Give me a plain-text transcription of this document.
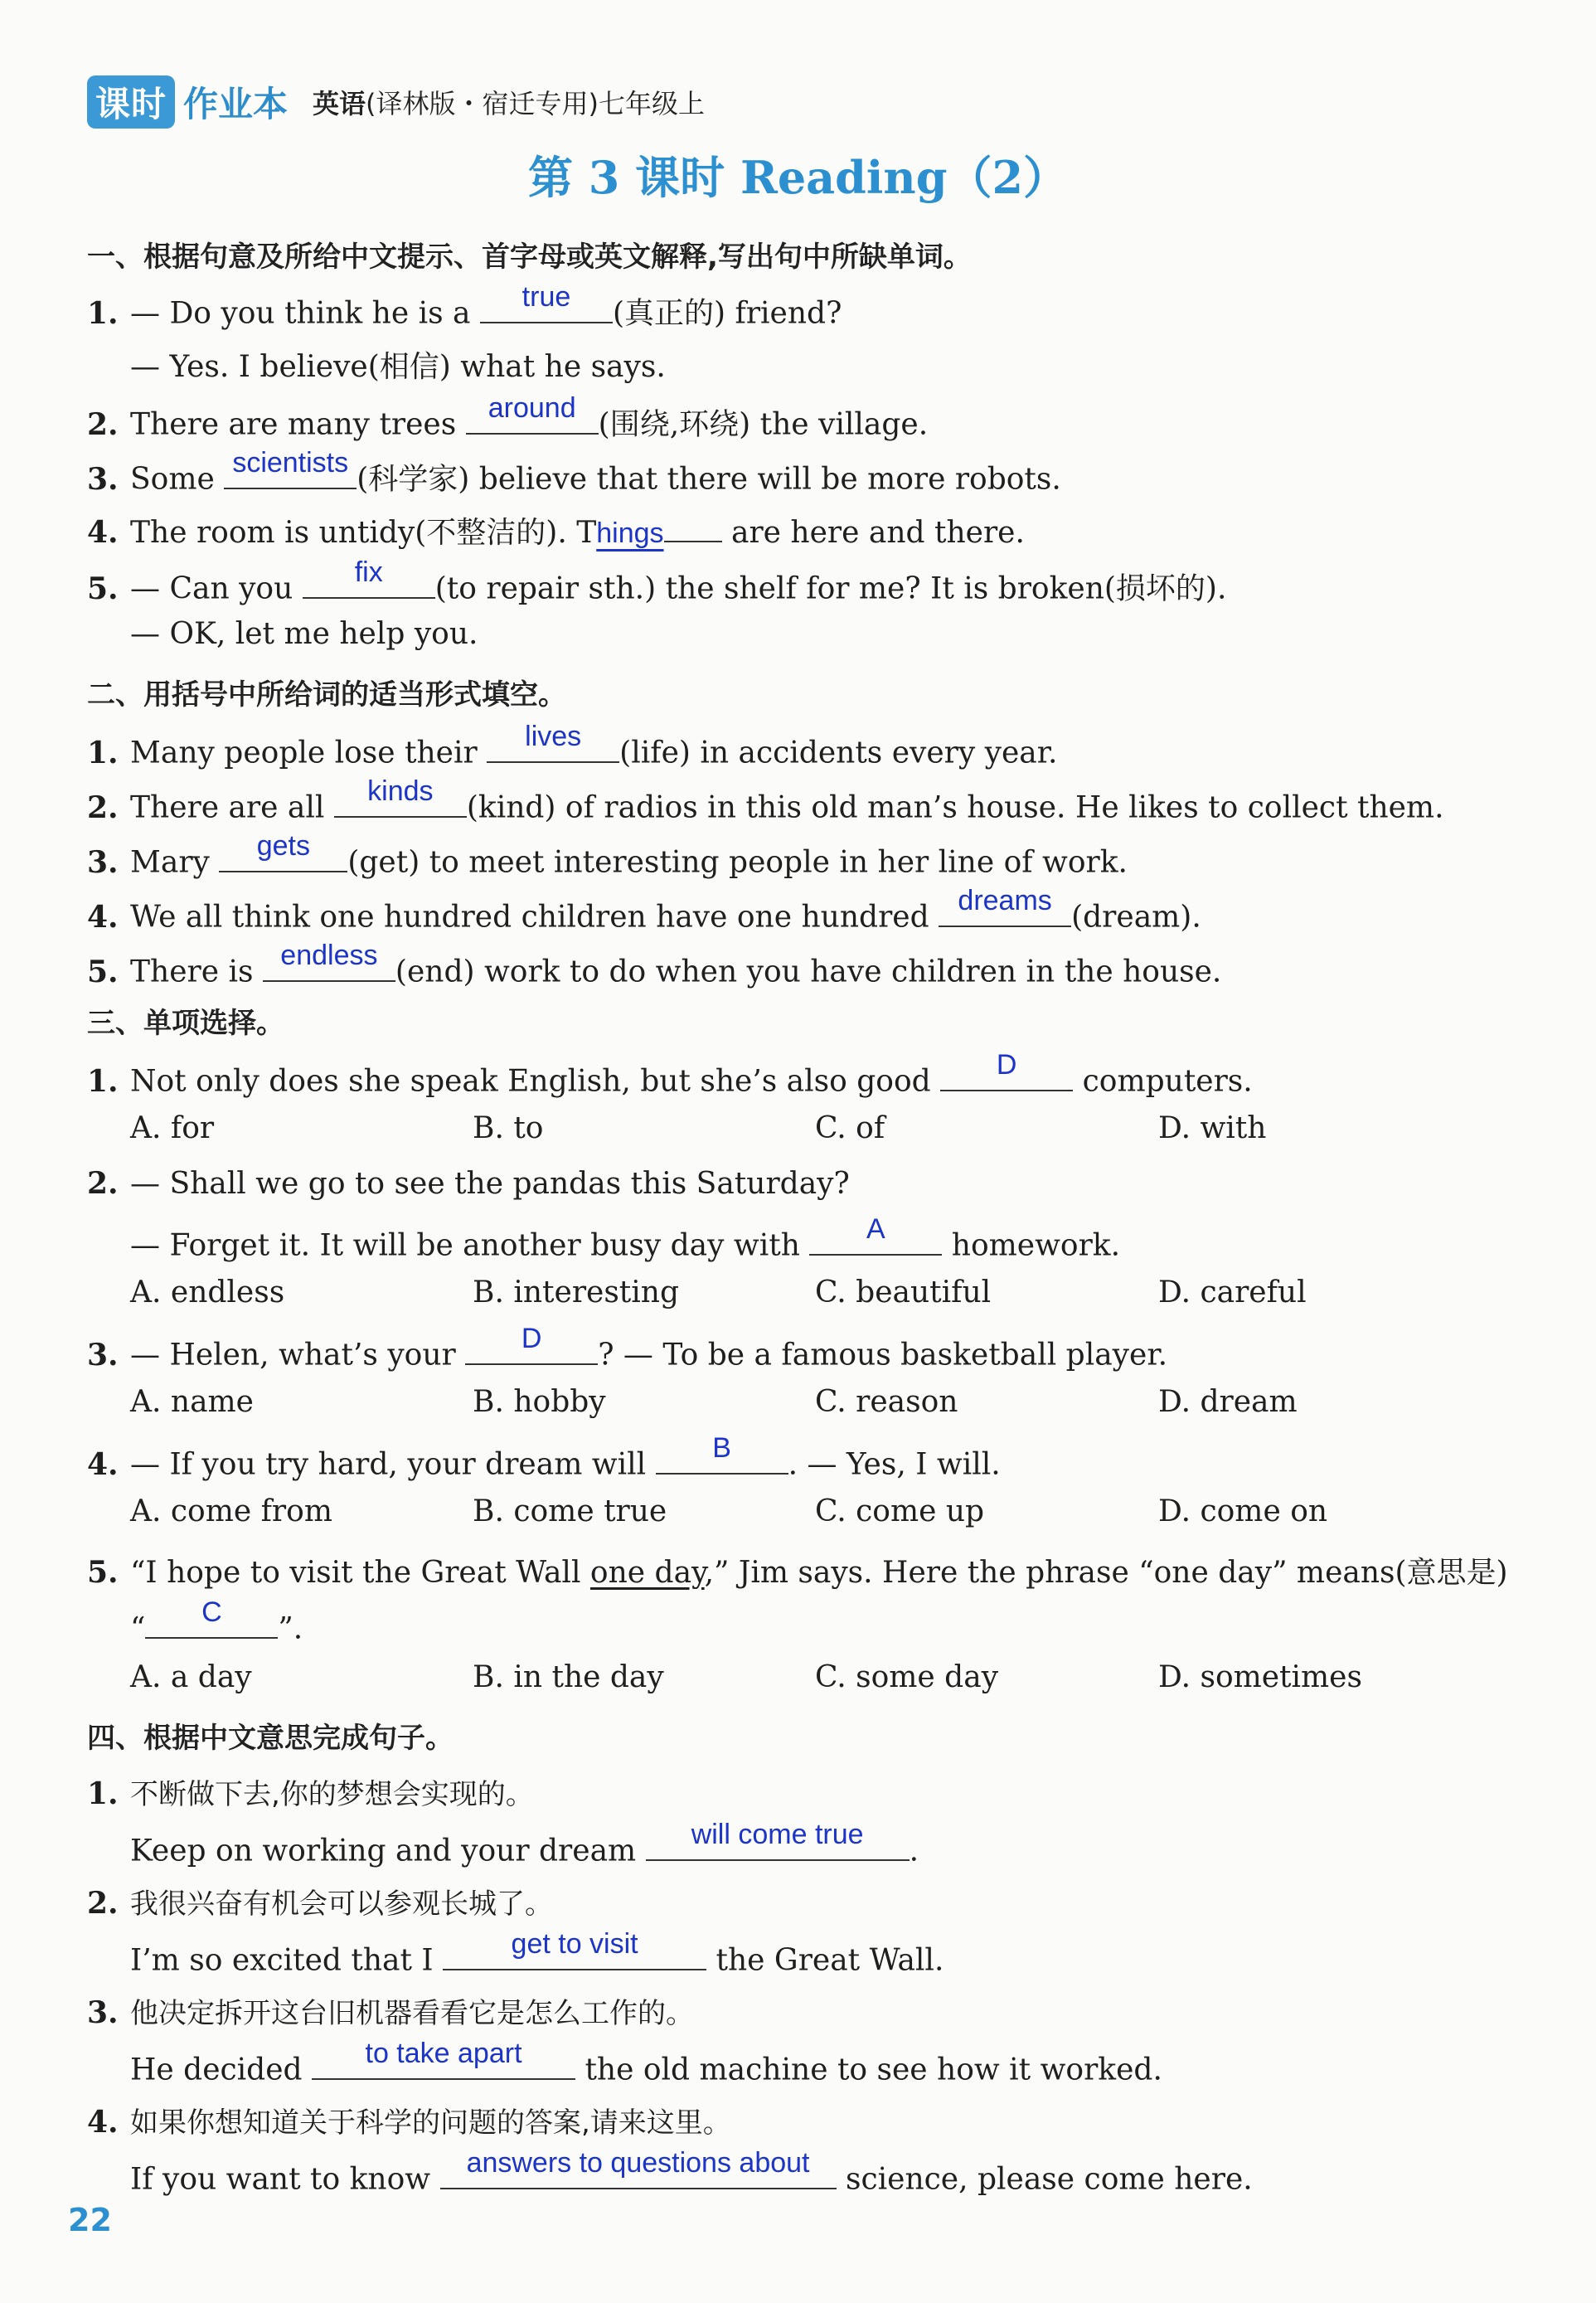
课时 作业本 英语(译林版・宿迁专用)七年级上
第 3 课时 Reading（2）
一、根据句意及所给中文提示、首字母或英文解释,写出句中所缺单词。
1. — Do you think he is a	true	(真正的) friend?
— Yes. I believe(相信) what he says.
2. There are many trees	around (围绕,环绕) the village.
3. Some scientists (科学家) believe that there will be more robots.
4. The room is untidy(不整洁的). Things are here and there.
5. — Can you	fix	(to repair sth.) the shelf for me? It is broken(损坏的).
— OK, let me help you.
二、用括号中所给词的适当形式填空。
1. Many people lose their	lives	(life) in accidents every year.
2. There are all	kinds	(kind) of radios in this old man’s house. He likes to collect them.
3. Mary	gets	(get) to meet interesting people in her line of work.
4. We all think one hundred children have one hundred	dreams (dream).
5. There is endless (end) work to do when you have children in the house.
三、单项选择。
1. Not only does she speak English, but she’s also good	D	computers.
A. for	B. to	C. of	D. with
2. — Shall we go to see the pandas this Saturday?
— Forget it. It will be another busy day with	A	homework.
A. endless	B. interesting	C. beautiful	D. careful
3. — Helen, what’s your	D	? — To be a famous basketball player.
A. name	B. hobby	C. reason	D. dream
4. — If you try hard, your dream will	B	. — Yes, I will.
A. come from	B. come true	C. come up	D. come on
5. “I hope to visit the Great Wall one day,” Jim says. Here the phrase “one day” means(意思是)
“	C	”.
A. a day	B. in the day	C. some day	D. sometimes
四、根据中文意思完成句子。
1. 不断做下去,你的梦想会实现的。
Keep on working and your dream	will come true	.
2. 我很兴奋有机会可以参观长城了。
I’m so excited that I	get to visit	the Great Wall.
3. 他决定拆开这台旧机器看看它是怎么工作的。
He decided	to take apart	the old machine to see how it worked.
4. 如果你想知道关于科学的问题的答案,请来这里。
If you want to know	answers to questions about	science, please come here.
22
